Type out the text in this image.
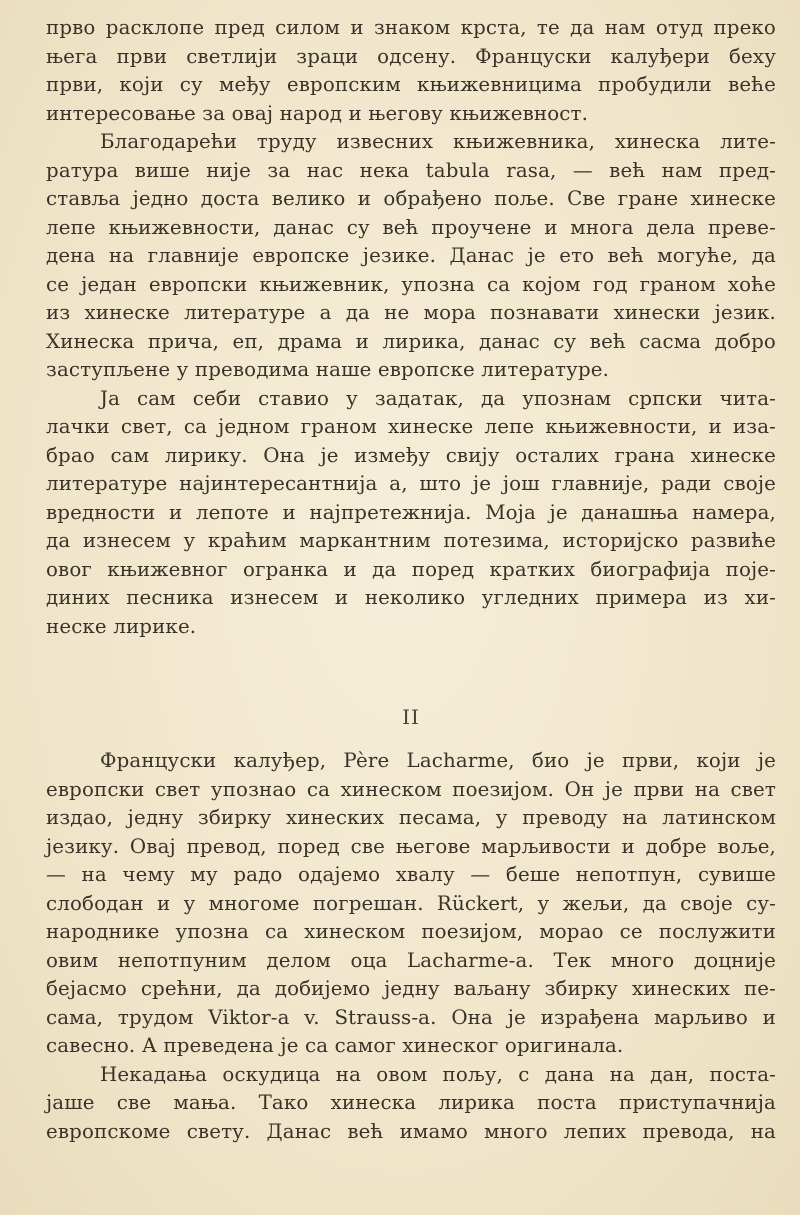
прво расклопе пред силом и знаком крста, те да нам отуд преко
њега први светлији зраци одсену. Француски калуђери беху
први, који су међу европским књижевницима пробудили веће
интересовање за овај народ и његову књижевност.

Благодарећи труду извесних књижевника, хинеска лите-
ратура више није за нас нека tabula rasa, — већ нам пред-
ставља једно доста велико и обрађено поље. Све гране хинеске
лепе књижевности, данас су већ проучене и многа дела преве-
дена на главније европске језике. Данас је ето већ могуће, да
се један европски књижевник, упозна са којом год граном хоће
из хинеске литературе а да не мора познавати хинески језик.
Хинеска прича, еп, драма и лирика, данас су већ сасма добро
заступљене у преводима наше европске литературе.

Ја сам себи ставио у задатак, да упознам српски чита-
лачки свет, са једном граном хинеске лепе књижевности, и иза-
брао сам лирику. Она је између свију осталих грана хинеске
литературе најинтересантнија а, што је још главније, ради своје
вредности и лепоте и најпретежнија. Моја је данашња намера,
да изнесем у краћим маркантним потезима, историјско развиће
овог књижевног огранка и да поред кратких биографија поје-
диних песника изнесем и неколико угледних примера из хи-
неске лирике.

II

Француски калуђер, Père Lacharme, био је први, који је
европски свет упознао са хинеском поезијом. Он је први на свет
издао, једну збирку хинеских песама, у преводу на латинском
језику. Овај превод, поред све његове марљивости и добре воље,
— на чему му радо одајемо хвалу — беше непотпун, сувише
слободан и у многоме погрешан. Rückert, у жељи, да своје су-
народнике упозна са хинеском поезијом, морао се послужити
овим непотпуним делом оца Lacharme-а. Тек много доцније
бејасмо срећни, да добијемо једну ваљану збирку хинеских пе-
сама, трудом Viktor-а v. Strauss-а. Она је израђена марљиво и
савесно. А преведена је са самог хинеског оригинала.

Некадања оскудица на овом пољу, с дана на дан, поста-
јаше све мања. Тако хинеска лирика поста приступачнија
европскоме свету. Данас већ имамо много лепих превода, на
